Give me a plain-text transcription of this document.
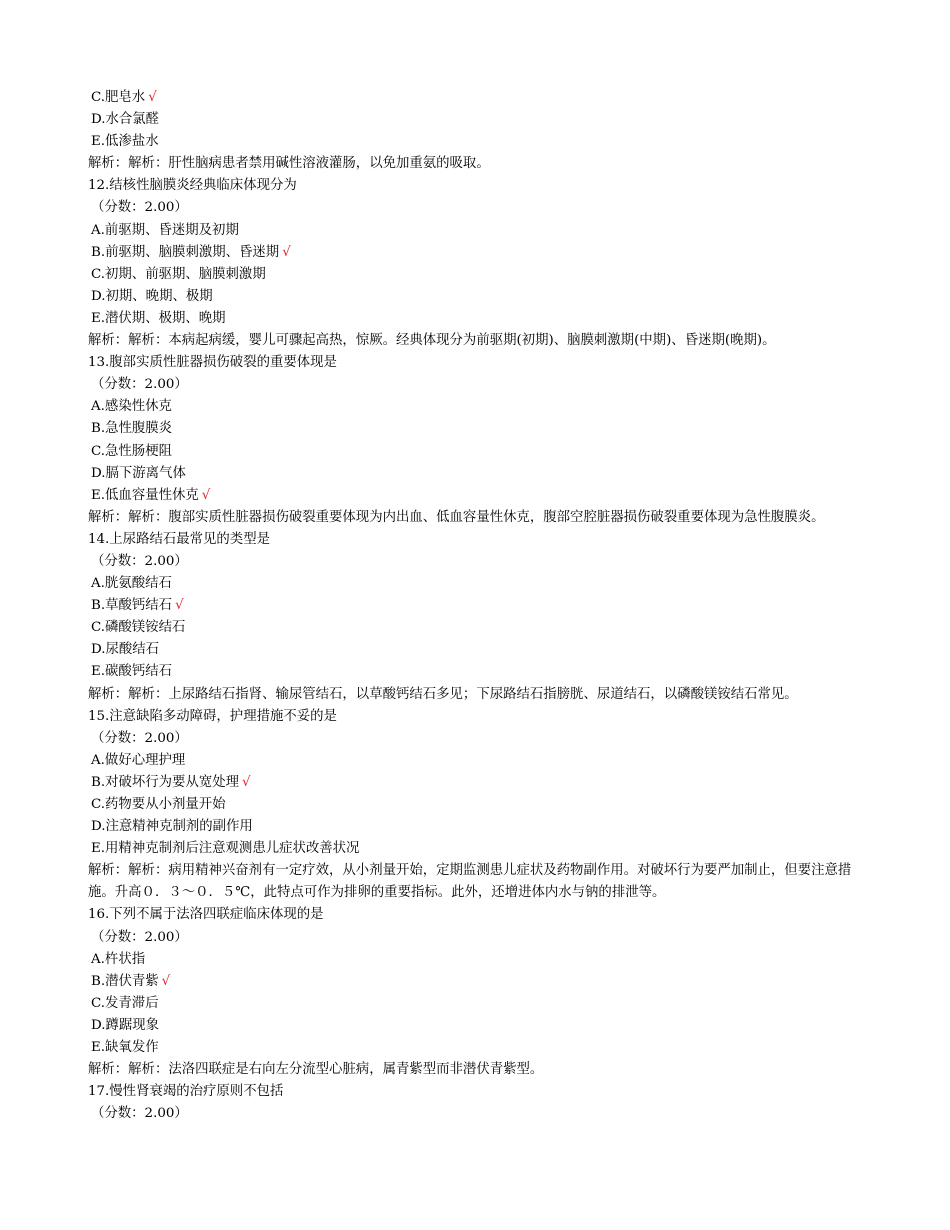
C.肥皂水 √
D.水合氯醛
E.低渗盐水
解析：解析：肝性脑病患者禁用碱性溶液灌肠，以免加重氨的吸取。
12.结核性脑膜炎经典临床体现分为
（分数：2.00）
A.前驱期、昏迷期及初期
B.前驱期、脑膜刺激期、昏迷期 √
C.初期、前驱期、脑膜刺激期
D.初期、晚期、极期
E.潜伏期、极期、晚期
解析：解析：本病起病缓，婴儿可骤起高热，惊厥。经典体现分为前驱期(初期)、脑膜刺激期(中期)、昏迷期(晚期)。
13.腹部实质性脏器损伤破裂的重要体现是
（分数：2.00）
A.感染性休克
B.急性腹膜炎
C.急性肠梗阻
D.膈下游离气体
E.低血容量性休克 √
解析：解析：腹部实质性脏器损伤破裂重要体现为内出血、低血容量性休克，腹部空腔脏器损伤破裂重要体现为急性腹膜炎。
14.上尿路结石最常见的类型是
（分数：2.00）
A.胱氨酸结石
B.草酸钙结石 √
C.磷酸镁铵结石
D.尿酸结石
E.碳酸钙结石
解析：解析：上尿路结石指肾、输尿管结石，以草酸钙结石多见；下尿路结石指膀胱、尿道结石，以磷酸镁铵结石常见。
15.注意缺陷多动障碍，护理措施不妥的是
（分数：2.00）
A.做好心理护理
B.对破坏行为要从宽处理 √
C.药物要从小剂量开始
D.注意精神克制剂的副作用
E.用精神克制剂后注意观测患儿症状改善状况
解析：解析：病用精神兴奋剂有一定疗效，从小剂量开始，定期监测患儿症状及药物副作用。对破坏行为要严加制止，但要注意措施。升高０．３～０．５℃，此特点可作为排卵的重要指标。此外，还增进体内水与钠的排泄等。
16.下列不属于法洛四联症临床体现的是
（分数：2.00）
A.杵状指
B.潜伏青紫 √
C.发青滞后
D.蹲踞现象
E.缺氧发作
解析：解析：法洛四联症是右向左分流型心脏病，属青紫型而非潜伏青紫型。
17.慢性肾衰竭的治疗原则不包括
（分数：2.00）
